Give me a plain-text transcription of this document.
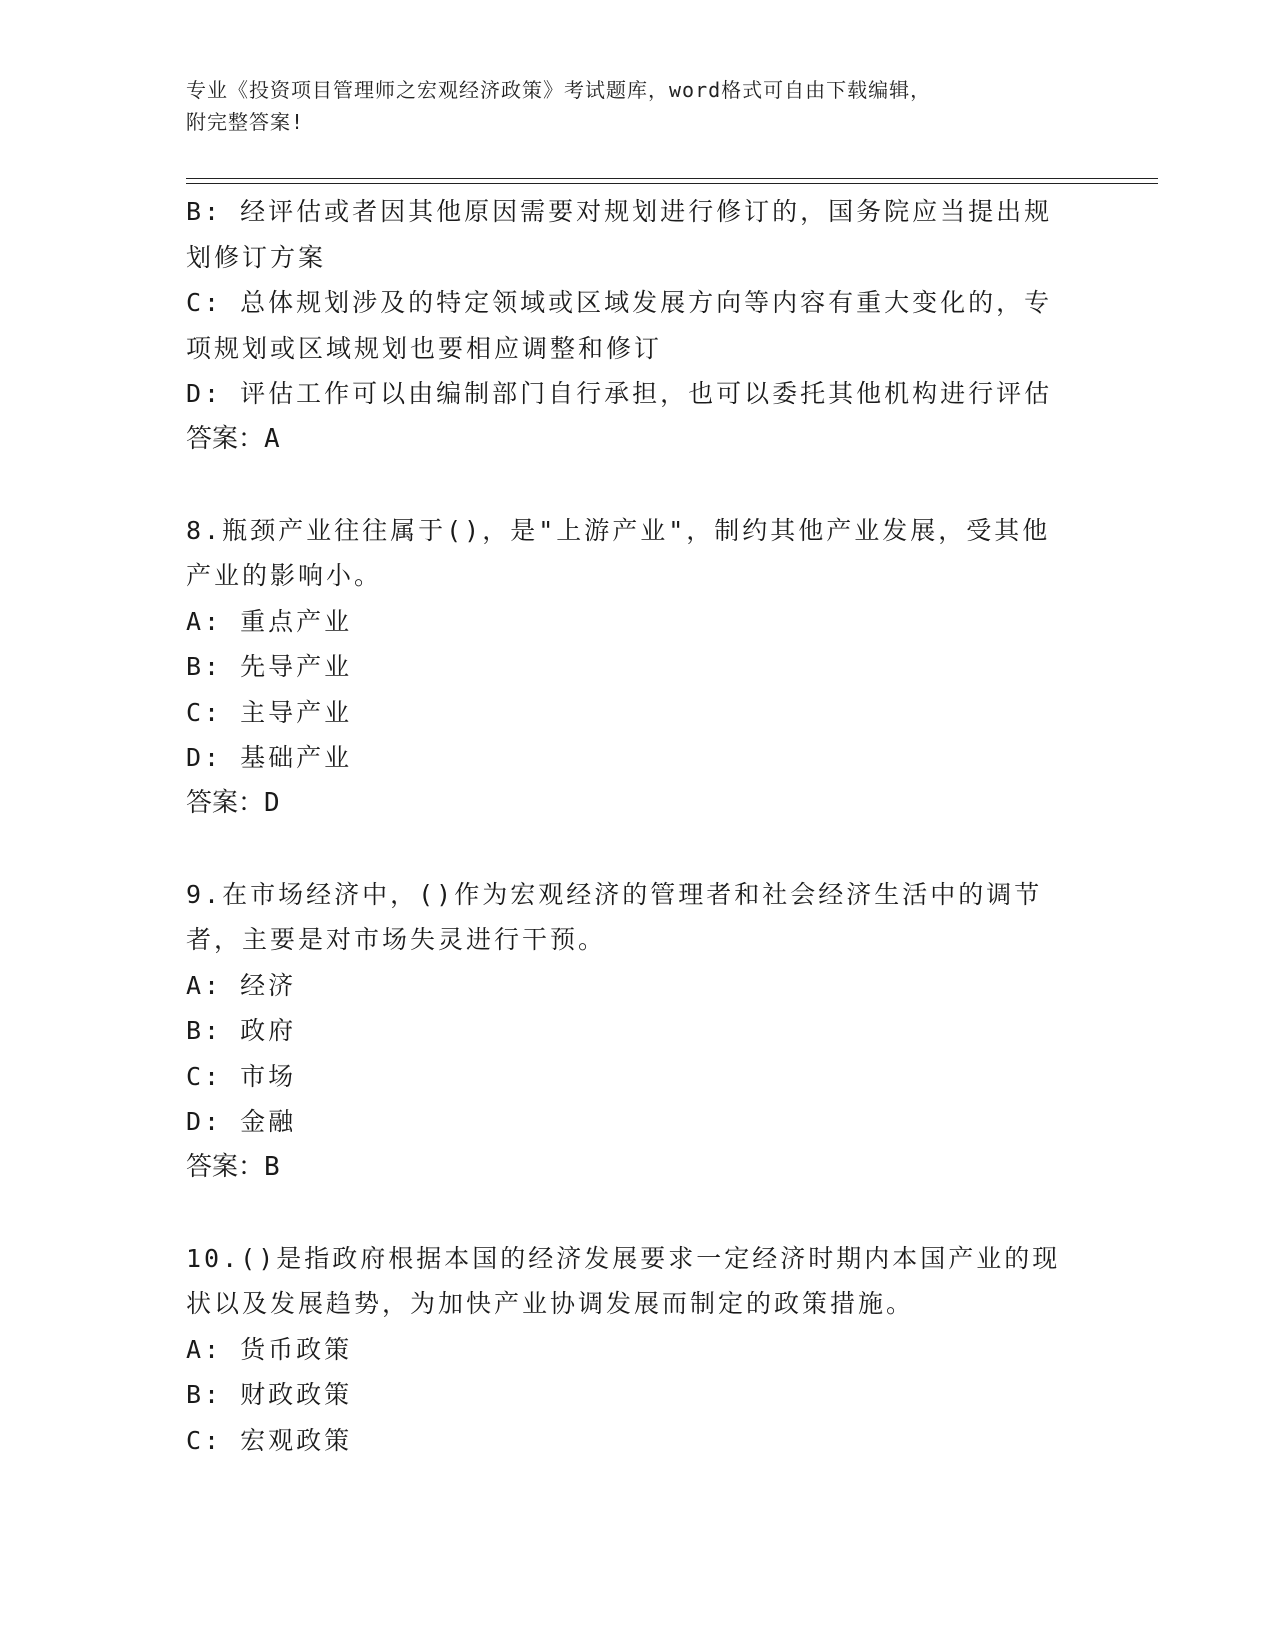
专业《投资项目管理师之宏观经济政策》考试题库，word格式可自由下载编辑，
附完整答案!
B: 经评估或者因其他原因需要对规划进行修订的，国务院应当提出规
划修订方案
C: 总体规划涉及的特定领域或区域发展方向等内容有重大变化的，专
项规划或区域规划也要相应调整和修订
D: 评估工作可以由编制部门自行承担，也可以委托其他机构进行评估
答案：A
8.瓶颈产业往往属于()，是"上游产业"，制约其他产业发展，受其他
产业的影响小。
A: 重点产业
B: 先导产业
C: 主导产业
D: 基础产业
答案：D
9.在市场经济中，()作为宏观经济的管理者和社会经济生活中的调节
者，主要是对市场失灵进行干预。
A: 经济
B: 政府
C: 市场
D: 金融
答案：B
10.()是指政府根据本国的经济发展要求一定经济时期内本国产业的现
状以及发展趋势，为加快产业协调发展而制定的政策措施。
A: 货币政策
B: 财政政策
C: 宏观政策
